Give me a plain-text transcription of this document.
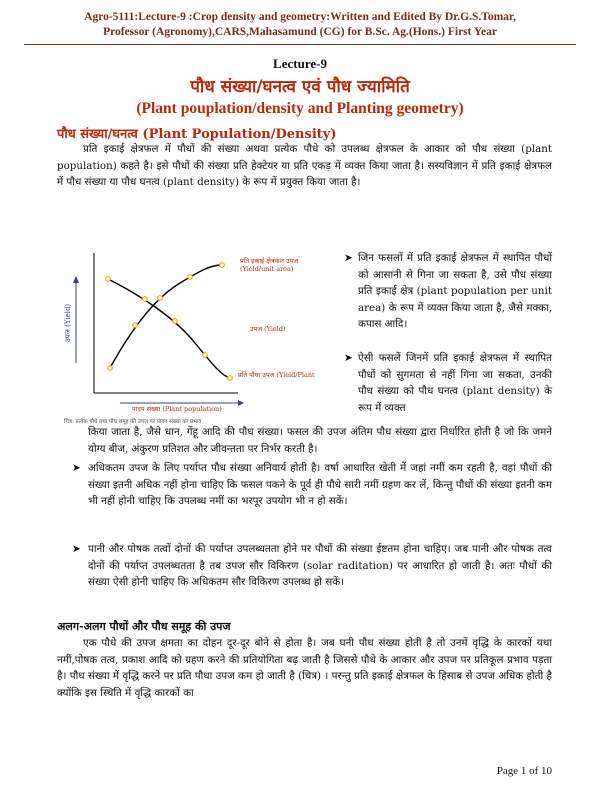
Agro-5111:Lecture-9 :Crop density and geometry:Written and Edited By Dr.G.S.Tomar,
Professor (Agronomy),CARS,Mahasamund (CG) for B.Sc. Ag.(Hons.) First Year
Lecture-9
पौध संख्या/घनत्व एवं पौध ज्यामिति
(Plant pouplation/density and Planting geometry)
पौध संख्या/घनत्व (Plant Population/Density)
प्रति इकाई क्षेत्रफल में पौधों की संख्या अथवा प्रत्येक पौधे को उपलब्ध क्षेत्रफल के आकार को पौध संख्या (plant population) कहते है। इसे पौधों की संख्या प्रति हेक्टेयर या प्रति एकड़ में व्यक्त किया जाता है। सस्यविज्ञान में प्रति इकाई क्षेत्रफल में पौध संख्या या पौध घनत्व (plant density) के रूप में प्रयुक्त किया जाता है।
उपज (Yield)
प्रति इकाई क्षेत्रफल उपज
(Yield/unit area)
उपज (Yield)
प्रति पौधा उपज (Yield/Plant
पादप संख्या (Plant population)
चित्र: प्रत्येक पौधे तथा पौध समूह की उपज पर पादप संख्या का प्रभाव
➤ जिन फसलों में प्रति इकाई क्षेत्रफल में स्थापित पौधों को आसानी से गिना जा सकता है, उसे पौध संख्या प्रति इकाई क्षेत्र (plant population per unit area) के रूप में व्यक्त किया जाता है, जैसे मक्का, कपास आदि।
➤ ऐसी फसलें जिनमें प्रति इकाई क्षेत्रफल में स्थापित पौधों को सुगमता से नहीं गिना जा सकता, उनकी पौध संख्या को पौध घनत्व (plant density) के रूप में व्यक्त
किया जाता है, जैसे धान, गेंहू आदि की पौध संख्या। फसल की उपज अंतिम पौध संख्या द्वारा निर्धारित होती है जो कि जमने योग्य बीज, अंकुरण प्रतिशत और जीवन्तता पर निर्भर करती है।
➤ अधिकतम उपज के लिए पर्याप्त पौध संख्या अनिवार्य होती है। वर्षा आधारित खेती में जहां नमीं कम रहती है, वहां पौधों की संख्या इतनी अधिक नहीं होना चाहिए कि फसल पकने के पूर्व ही पौधे सारी नमीं ग्रहण कर लें, किन्तु पौधों की संख्या इतनी कम भी नहीं होनी चाहिए कि उपलब्ध नमीं का भरपूर उपयोग भी न हो सकें।
➤ पानी और पोषक तत्वों दोनों की पर्याप्त उपलब्धतता होने पर पौधों की संख्या ईष्टतम होना चाहिए। जब पानी और पोषक तत्व दोनों की पर्याप्त उपलब्धतता है तब उपज सौर विकिरण (solar raditation) पर आधारित हो जाती है। अतः पौधों की संख्या ऐसी होनी चाहिए कि अधिकतम सौर विकिरण उपलब्ध हो सकें।
अलग-अलग पौधों और पौध समूह की उपज
एक पौधे की उपज क्षमता का दोहन दूर-दूर बोने से होता है। जब घनी पौध संख्या होती है तो उनमें वृद्धि के कारकों यथा नमीं,पोषक तत्व, प्रकाश आदि को ग्रहण करने की प्रतियोगिता बढ़ जाती है जिससे पौधे के आकार और उपज पर प्रतिकूल प्रभाव पड़ता है। पौध संख्या में वृद्धि करने पर प्रति पौधा उपज कम हो जाती है (चित्र) । परन्तु प्रति इकाई क्षेत्रफल के हिसाब से उपज अधिक होती है क्योंकि इस स्थिति में वृद्धि कारकों का
Page 1 of 10
